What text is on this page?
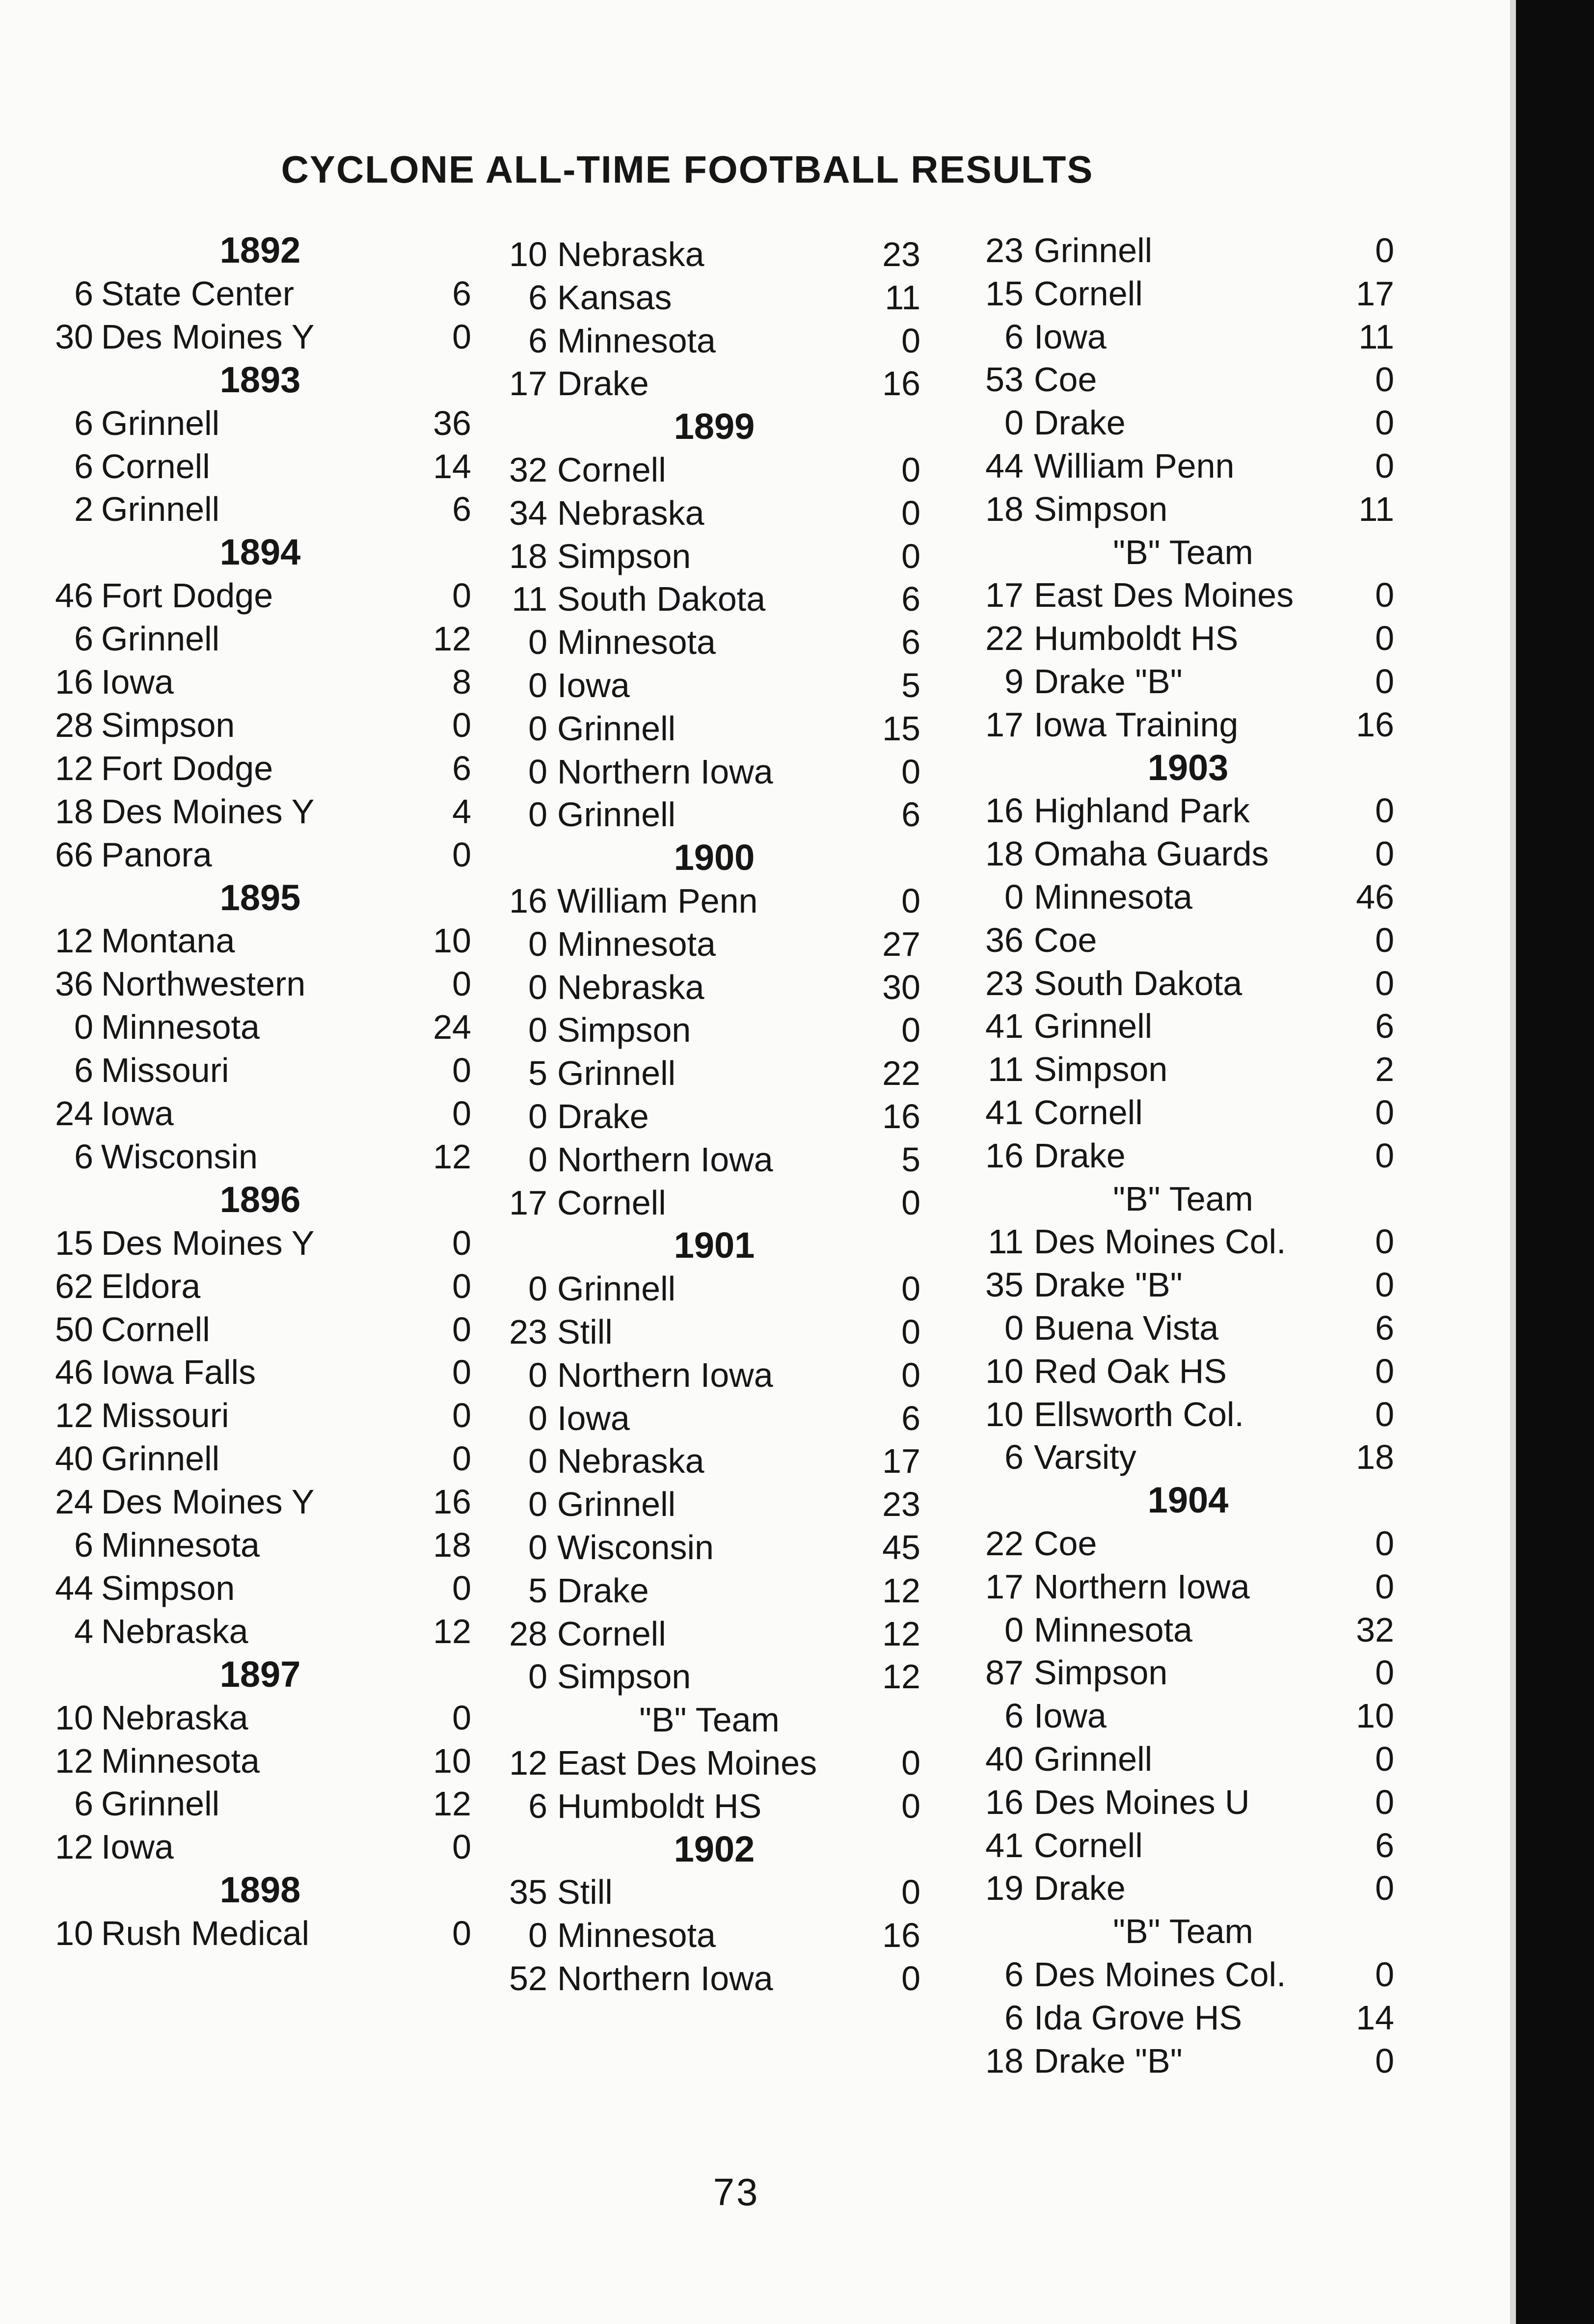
CYCLONE ALL-TIME FOOTBALL RESULTS
1892
6 State Center	6
30 Des Moines Y	0
1893
6 Grinnell	36
6 Cornell	14
2 Grinnell	6
1894
46 Fort Dodge	0
6 Grinnell	12
16 Iowa	8
28 Simpson	0
12 Fort Dodge	6
18 Des Moines Y	4
66 Panora	0
1895
12 Montana	10
36 Northwestern	0
0 Minnesota	24
6 Missouri	0
24 Iowa	0
6 Wisconsin	12
1896
15 Des Moines Y	0
62 Eldora	0
50 Cornell	0
46 Iowa Falls	0
12 Missouri	0
40 Grinnell	0
24 Des Moines Y	16
6 Minnesota	18
44 Simpson	0
4 Nebraska	12
1897
10 Nebraska	0
12 Minnesota	10
6 Grinnell	12
12 Iowa	0
1898
10 Rush Medical	0
10 Nebraska	23
6 Kansas	11
6 Minnesota	0
17 Drake	16
1899
32 Cornell	0
34 Nebraska	0
18 Simpson	0
11 South Dakota	6
0 Minnesota	6
0 Iowa	5
0 Grinnell	15
0 Northern Iowa	0
0 Grinnell	6
1900
16 William Penn	0
0 Minnesota	27
0 Nebraska	30
0 Simpson	0
5 Grinnell	22
0 Drake	16
0 Northern Iowa	5
17 Cornell	0
1901
0 Grinnell	0
23 Still	0
0 Northern Iowa	0
0 Iowa	6
0 Nebraska	17
0 Grinnell	23
0 Wisconsin	45
5 Drake	12
28 Cornell	12
0 Simpson	12
"B" Team
12 East Des Moines	0
6 Humboldt HS	0
1902
35 Still	0
0 Minnesota	16
52 Northern Iowa	0
23 Grinnell	0
15 Cornell	17
6 Iowa	11
53 Coe	0
0 Drake	0
44 William Penn	0
18 Simpson	11
"B" Team
17 East Des Moines	0
22 Humboldt HS	0
9 Drake "B"	0
17 Iowa Training	16
1903
16 Highland Park	0
18 Omaha Guards	0
0 Minnesota	46
36 Coe	0
23 South Dakota	0
41 Grinnell	6
11 Simpson	2
41 Cornell	0
16 Drake	0
"B" Team
11 Des Moines Col.	0
35 Drake "B"	0
0 Buena Vista	6
10 Red Oak HS	0
10 Ellsworth Col.	0
6 Varsity	18
1904
22 Coe	0
17 Northern Iowa	0
0 Minnesota	32
87 Simpson	0
6 Iowa	10
40 Grinnell	0
16 Des Moines U	0
41 Cornell	6
19 Drake	0
"B" Team
6 Des Moines Col.	0
6 Ida Grove HS	14
18 Drake "B"	0
73
